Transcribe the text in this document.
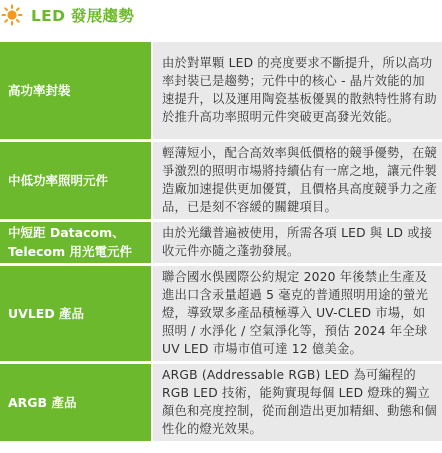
LED 發展趨勢
高功率封裝	由於對單顆 LED 的亮度要求不斷提升，所以高功率封裝已是趨勢；元件中的核心 - 晶片效能的加速提升，以及運用陶瓷基板優異的散熱特性將有助於推升高功率照明元件突破更高發光效能。
中低功率照明元件	輕薄短小，配合高效率與低價格的競爭優勢，在競爭激烈的照明市場將持續佔有一席之地，讓元件製造廠加速提供更加優質，且價格具高度競爭力之產品，已是刻不容緩的關鍵項目。
中短距 Datacom、Telecom 用光電元件	由於光纖普遍被使用，所需各項 LED 與 LD 或接收元件亦隨之蓬勃發展。
UVLED 產品	聯合國水俁國際公約規定 2020 年後禁止生產及進出口含汞量超過 5 毫克的普通照明用途的螢光燈，導致眾多產品積極導入 UV-CLED 市場，如照明 / 水淨化 / 空氣淨化等，預估 2024 年全球 UV LED 市場市值可達 12 億美金。
ARGB 產品	ARGB (Addressable RGB) LED 為可編程的 RGB LED 技術，能夠實現每個 LED 燈珠的獨立顏色和亮度控制，從而創造出更加精細、動態和個性化的燈光效果。
